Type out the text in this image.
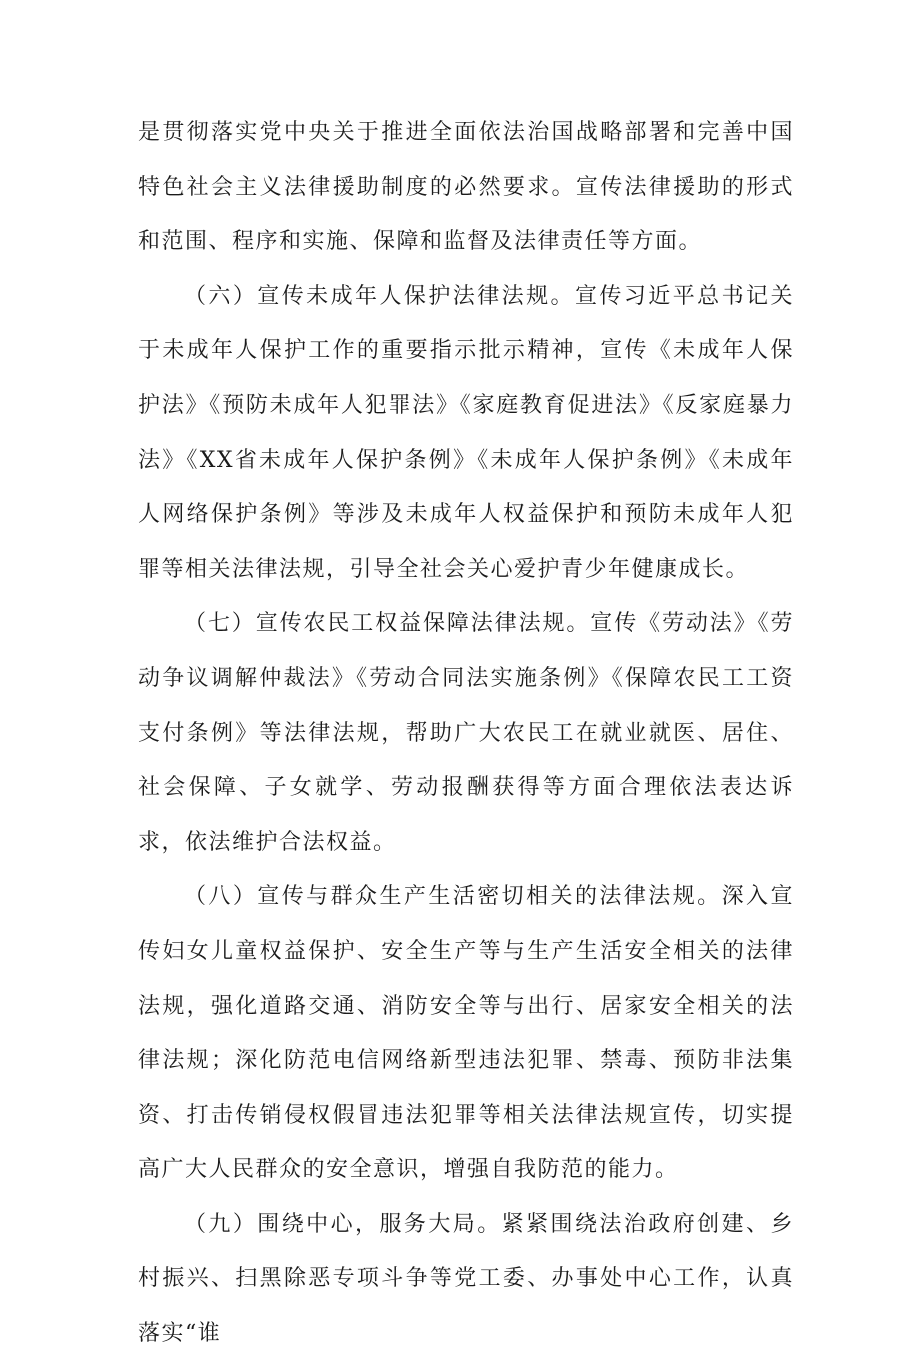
是贯彻落实党中央关于推进全面依法治国战略部署和完善中国特色社会主义法律援助制度的必然要求。宣传法律援助的形式和范围、程序和实施、保障和监督及法律责任等方面。

（六）宣传未成年人保护法律法规。宣传习近平总书记关于未成年人保护工作的重要指示批示精神，宣传《未成年人保护法》《预防未成年人犯罪法》《家庭教育促进法》《反家庭暴力法》《XX省未成年人保护条例》《未成年人保护条例》《未成年人网络保护条例》等涉及未成年人权益保护和预防未成年人犯罪等相关法律法规，引导全社会关心爱护青少年健康成长。

（七）宣传农民工权益保障法律法规。宣传《劳动法》《劳动争议调解仲裁法》《劳动合同法实施条例》《保障农民工工资支付条例》等法律法规，帮助广大农民工在就业就医、居住、社会保障、子女就学、劳动报酬获得等方面合理依法表达诉求，依法维护合法权益。

（八）宣传与群众生产生活密切相关的法律法规。深入宣传妇女儿童权益保护、安全生产等与生产生活安全相关的法律法规，强化道路交通、消防安全等与出行、居家安全相关的法律法规；深化防范电信网络新型违法犯罪、禁毒、预防非法集资、打击传销侵权假冒违法犯罪等相关法律法规宣传，切实提高广大人民群众的安全意识，增强自我防范的能力。

（九）围绕中心，服务大局。紧紧围绕法治政府创建、乡村振兴、扫黑除恶专项斗争等党工委、办事处中心工作，认真落实“谁
